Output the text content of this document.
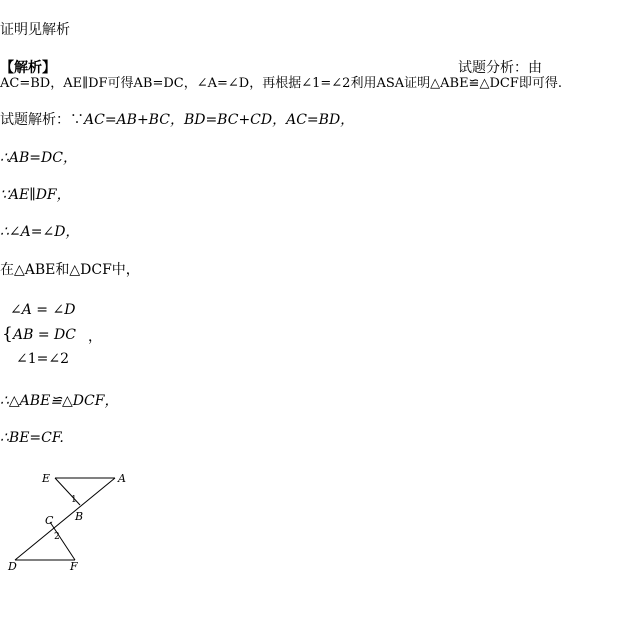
证明见解析
【解析】	试题分析：由
AC=BD，AE∥DF可得AB=DC，∠A=∠D，再根据∠1=∠2利用ASA证明△ABE≌△DCF即可得.
试题解析：∵AC=AB+BC，BD=BC+CD，AC=BD，
∴AB=DC，
∵AE∥DF，
∴∠A=∠D，
在△ABE和△DCF中，
∠A = ∠D
{ AB = DC ，
∠1=∠2
∴△ABE≌△DCF，
∴BE=CF.
E	A
B
C
D	F
1
2
